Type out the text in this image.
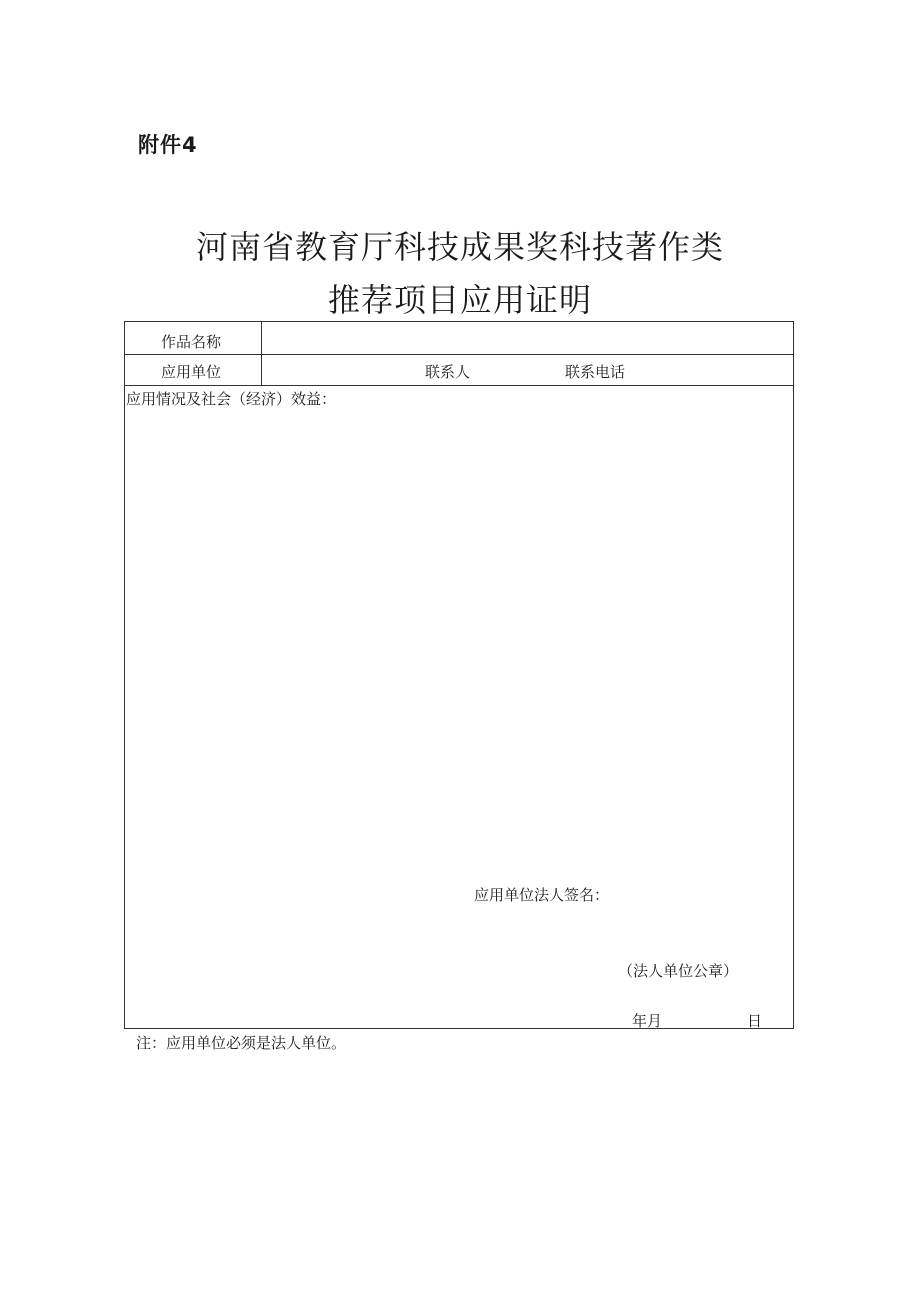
附件4
河南省教育厅科技成果奖科技著作类
推荐项目应用证明
作品名称
应用单位	联系人	联系电话
应用情况及社会（经济）效益：
应用单位法人签名：
（法人单位公章）
年月	日
注：应用单位必须是法人单位。
